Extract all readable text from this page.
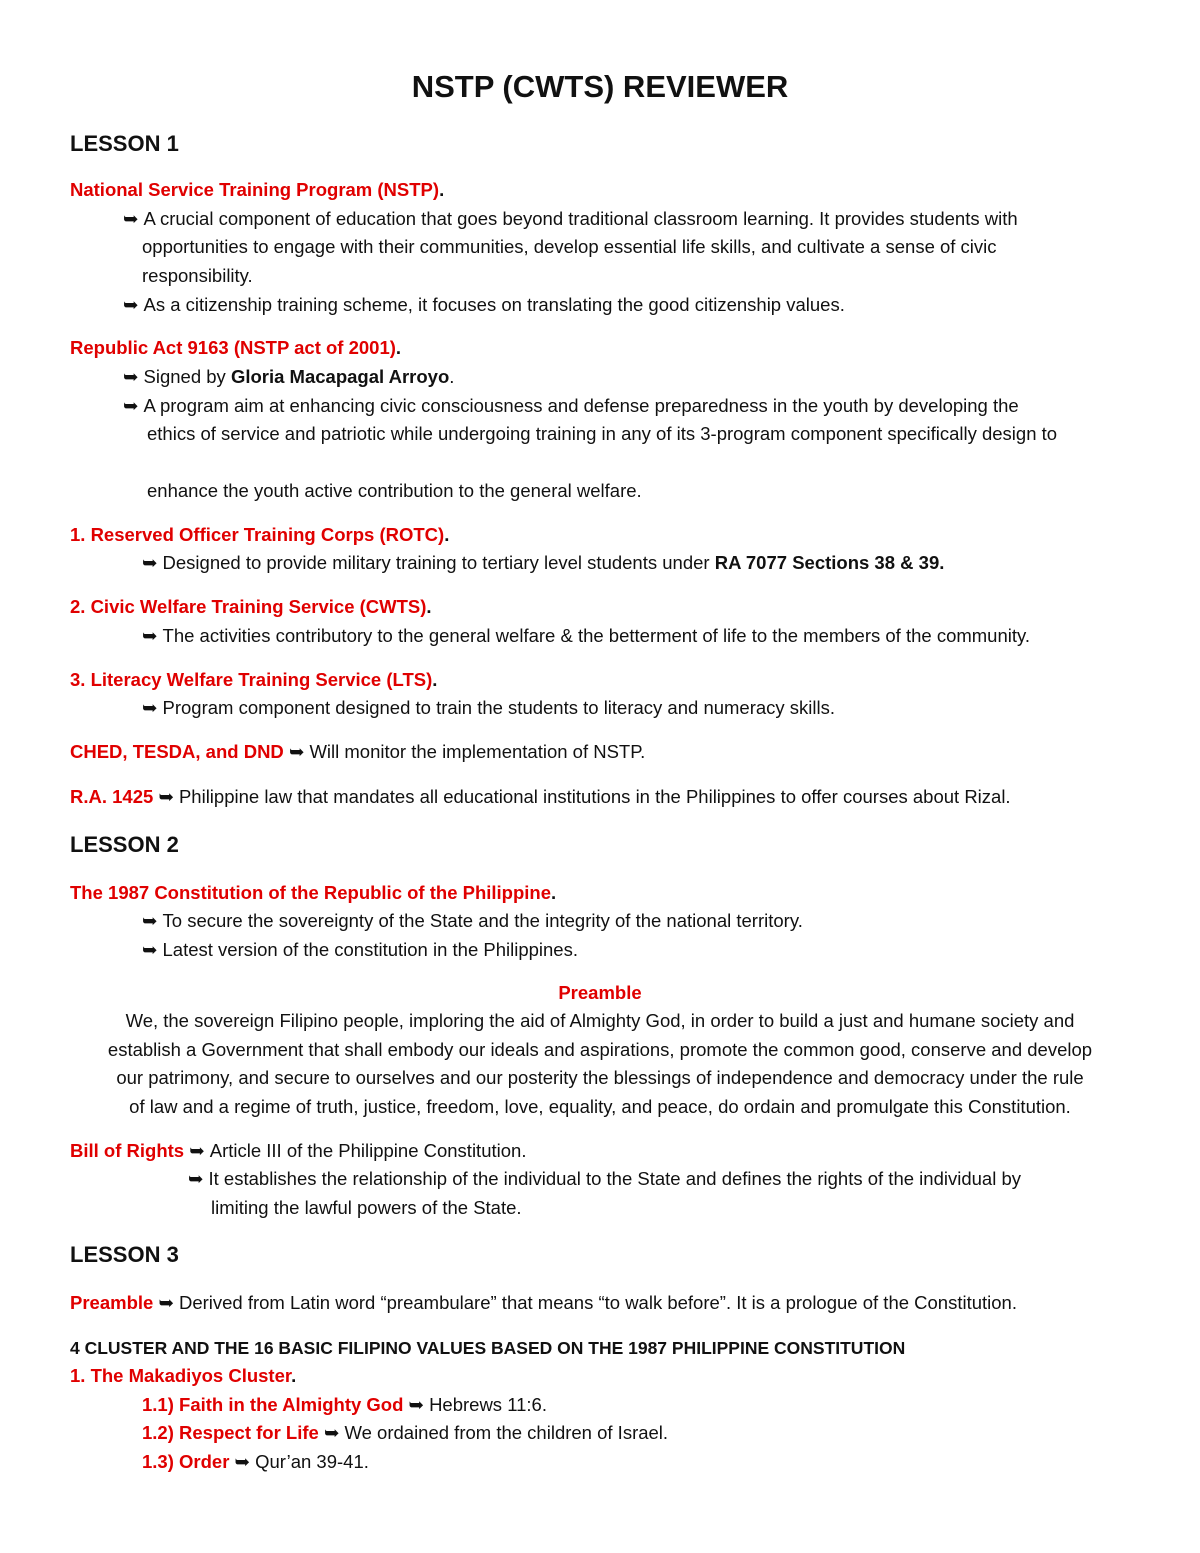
NSTP (CWTS) REVIEWER
LESSON 1
National Service Training Program (NSTP).
➥ A crucial component of education that goes beyond traditional classroom learning. It provides students with
opportunities to engage with their communities, develop essential life skills, and cultivate a sense of civic
responsibility.
➥ As a citizenship training scheme, it focuses on translating the good citizenship values.
Republic Act 9163 (NSTP act of 2001).
➥ Signed by Gloria Macapagal Arroyo.
➥ A program aim at enhancing civic consciousness and defense preparedness in the youth by developing the
ethics of service and patriotic while undergoing training in any of its 3-program component specifically design to
enhance the youth active contribution to the general welfare.
1. Reserved Officer Training Corps (ROTC).
➥ Designed to provide military training to tertiary level students under RA 7077 Sections 38 & 39.
2. Civic Welfare Training Service (CWTS).
➥ The activities contributory to the general welfare & the betterment of life to the members of the community.
3. Literacy Welfare Training Service (LTS).
➥ Program component designed to train the students to literacy and numeracy skills.
CHED, TESDA, and DND ➥ Will monitor the implementation of NSTP.
R.A. 1425 ➥ Philippine law that mandates all educational institutions in the Philippines to offer courses about Rizal.
LESSON 2
The 1987 Constitution of the Republic of the Philippine.
➥ To secure the sovereignty of the State and the integrity of the national territory.
➥ Latest version of the constitution in the Philippines.
Preamble
We, the sovereign Filipino people, imploring the aid of Almighty God, in order to build a just and humane society and
establish a Government that shall embody our ideals and aspirations, promote the common good, conserve and develop
our patrimony, and secure to ourselves and our posterity the blessings of independence and democracy under the rule
of law and a regime of truth, justice, freedom, love, equality, and peace, do ordain and promulgate this Constitution.
Bill of Rights ➥ Article III of the Philippine Constitution.
➥ It establishes the relationship of the individual to the State and defines the rights of the individual by
limiting the lawful powers of the State.
LESSON 3
Preamble ➥ Derived from Latin word “preambulare” that means “to walk before”. It is a prologue of the Constitution.
4 CLUSTER AND THE 16 BASIC FILIPINO VALUES BASED ON THE 1987 PHILIPPINE CONSTITUTION
1. The Makadiyos Cluster.
1.1) Faith in the Almighty God ➥ Hebrews 11:6.
1.2) Respect for Life ➥ We ordained from the children of Israel.
1.3) Order ➥ Qur’an 39-41.
